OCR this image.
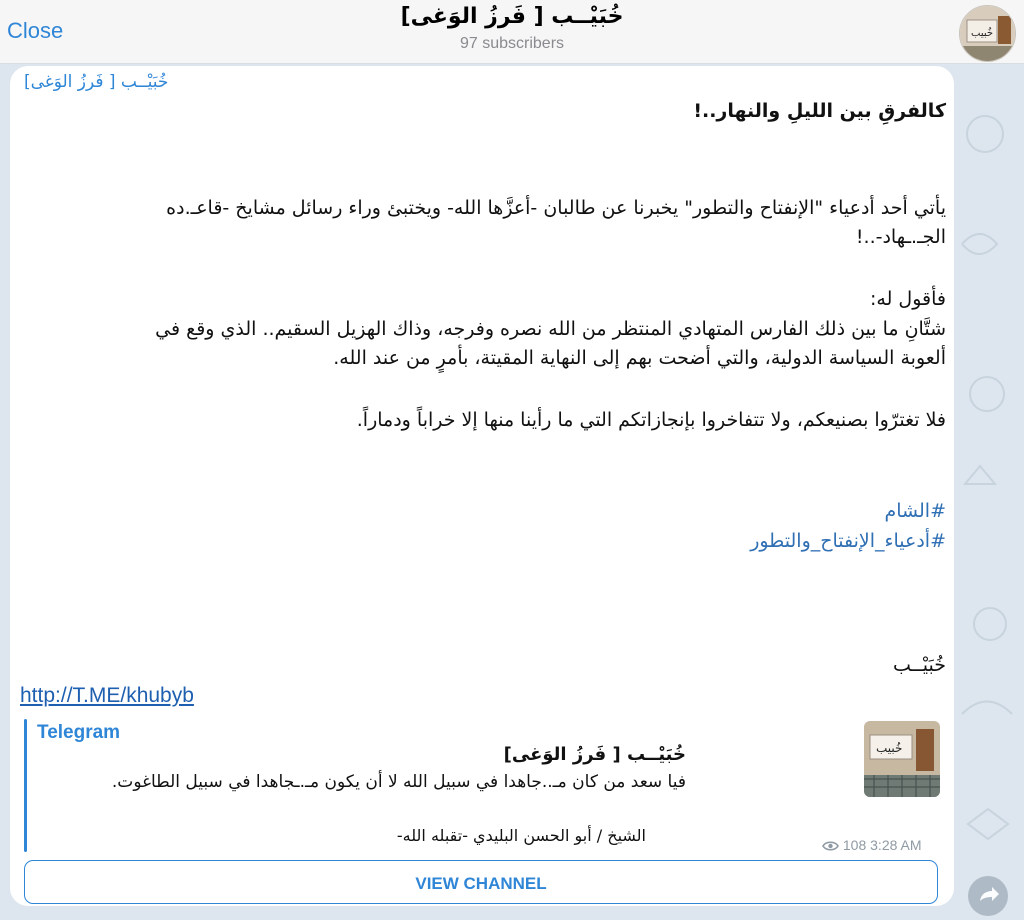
Close
خُبَيْــب [ فَرزُ الوَغى]
97 subscribers
خُبيب
خُبَيْــب [ فَرزُ الوَغى]
كالفرقِ بين الليلِ والنهار..!
يأتي أحد أدعياء "الإنفتاح والتطور" يخبرنا عن طالبان -أعزَّها الله- ويختبئ وراء رسائل مشايخ -قاعـ.ده
الجـ.ـهاد-..!
فأقول له:
شتَّانِ ما بين ذلك الفارس المتهادي المنتظر من الله نصره وفرجه، وذاك الهزيل السقيم.. الذي وقع في
ألعوبة السياسة الدولية، والتي أضحت بهم إلى النهاية المقيتة، بأمرٍ من عند الله.
فلا تغترّوا بصنيعكم، ولا تتفاخروا بإنجازاتكم التي ما رأينا منها إلا خراباً ودماراً.
#الشام
#أدعياء_الإنفتاح_والتطور
خُبَيْــب
http://T.ME/khubyb
Telegram
خُبَيْــب [ فَرزُ الوَغى]
فيا سعد من كان مـ..جاهدا في سبيل الله لا أن يكون مـ.ـجاهدا في سبيل الطاغوت.
الشيخ / أبو الحسن البليدي -تقبله الله-
خُبيب
108 3:28 AM
VIEW CHANNEL
